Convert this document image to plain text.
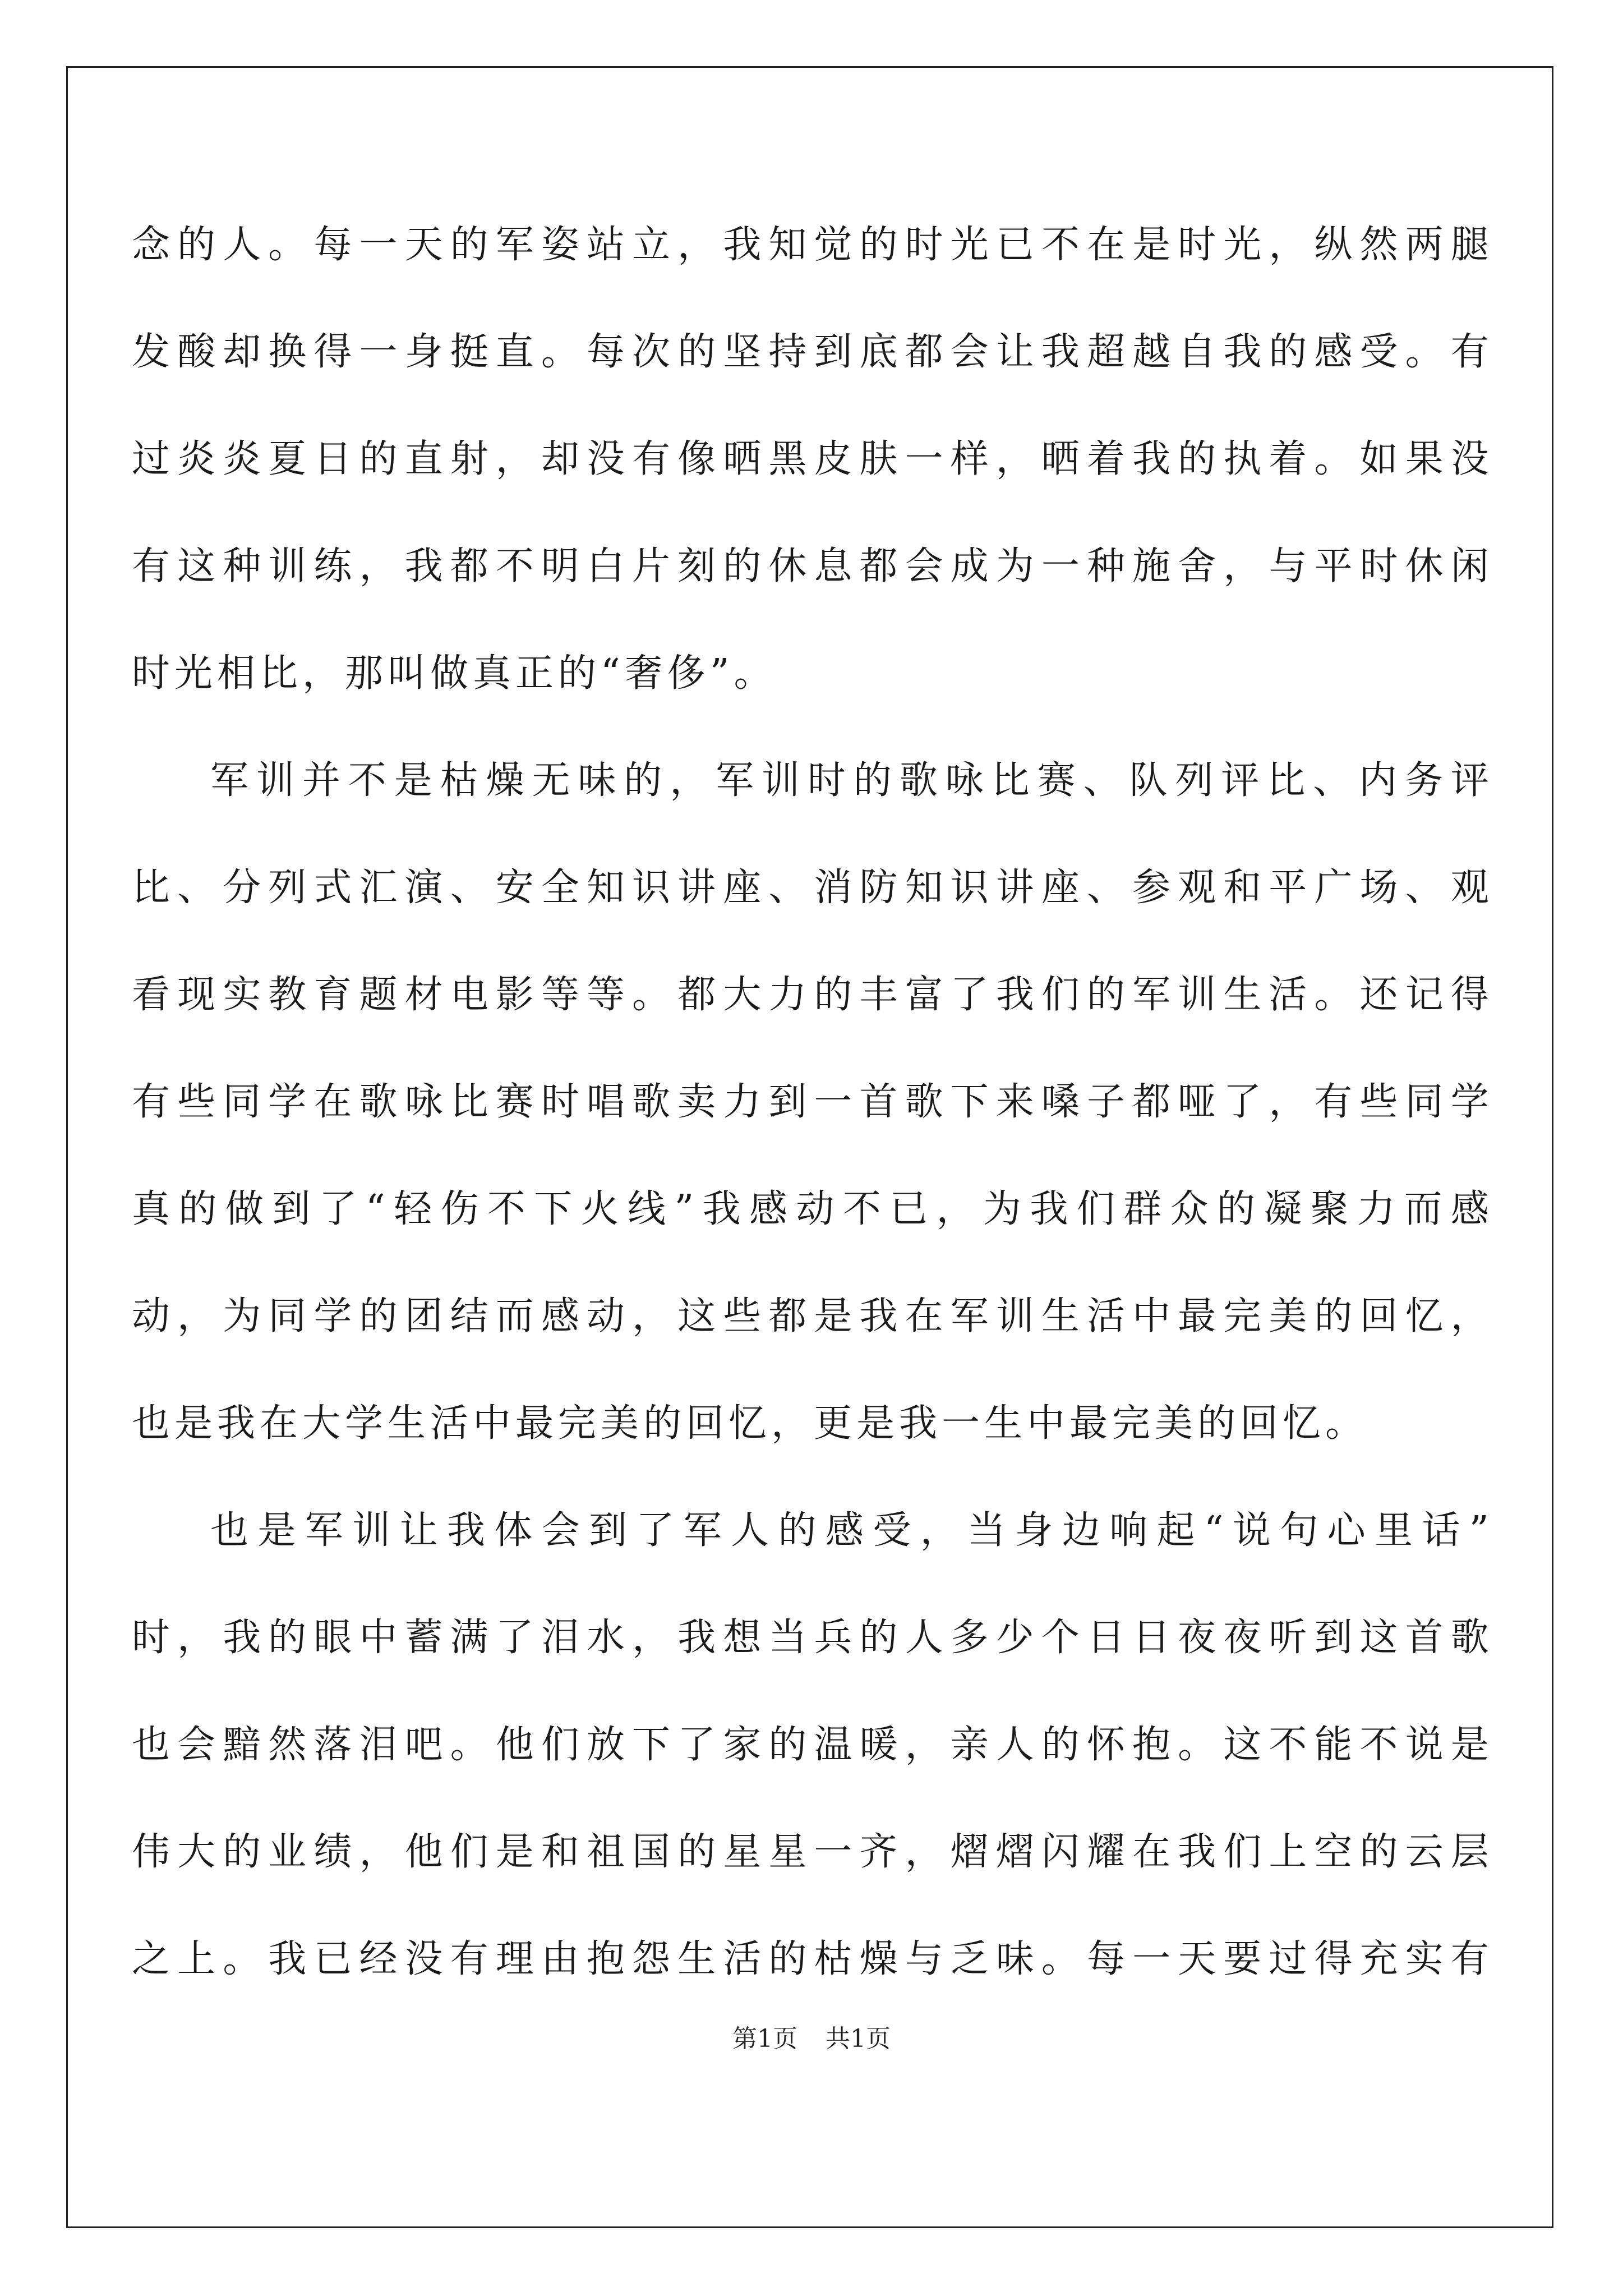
念 的 人 。 每 一 天 的 军 姿 站 立 ， 我 知 觉 的 时 光 已 不 在 是 时 光 ， 纵 然 两 腿
发 酸 却 换 得 一 身 挺 直 。 每 次 的 坚 持 到 底 都 会 让 我 超 越 自 我 的 感 受 。 有
过 炎 炎 夏 日 的 直 射 ， 却 没 有 像 晒 黑 皮 肤 一 样 ， 晒 着 我 的 执 着 。 如 果 没
有 这 种 训 练 ， 我 都 不 明 白 片 刻 的 休 息 都 会 成 为 一 种 施 舍 ， 与 平 时 休 闲
时光相比，那叫做真正的“奢侈”。
军 训 并 不 是 枯 燥 无 味 的 ， 军 训 时 的 歌 咏 比 赛 、 队 列 评 比 、 内 务 评
比 、 分 列 式 汇 演 、 安 全 知 识 讲 座 、 消 防 知 识 讲 座 、 参 观 和 平 广 场 、 观
看 现 实 教 育 题 材 电 影 等 等 。 都 大 力 的 丰 富 了 我 们 的 军 训 生 活 。 还 记 得
有 些 同 学 在 歌 咏 比 赛 时 唱 歌 卖 力 到 一 首 歌 下 来 嗓 子 都 哑 了 ， 有 些 同 学
真 的 做 到 了 “ 轻 伤 不 下 火 线 ” 我 感 动 不 已 ， 为 我 们 群 众 的 凝 聚 力 而 感
动 ， 为 同 学 的 团 结 而 感 动 ， 这 些 都 是 我 在 军 训 生 活 中 最 完 美 的 回 忆 ，
也是我在大学生活中最完美的回忆，更是我一生中最完美的回忆。
也 是 军 训 让 我 体 会 到 了 军 人 的 感 受 ， 当 身 边 响 起 “ 说 句 心 里 话 ”
时 ， 我 的 眼 中 蓄 满 了 泪 水 ， 我 想 当 兵 的 人 多 少 个 日 日 夜 夜 听 到 这 首 歌
也 会 黯 然 落 泪 吧 。 他 们 放 下 了 家 的 温 暖 ， 亲 人 的 怀 抱 。 这 不 能 不 说 是
伟 大 的 业 绩 ， 他 们 是 和 祖 国 的 星 星 一 齐 ， 熠 熠 闪 耀 在 我 们 上 空 的 云 层
之 上 。 我 已 经 没 有 理 由 抱 怨 生 活 的 枯 燥 与 乏 味 。 每 一 天 要 过 得 充 实 有
第1页 共1页
